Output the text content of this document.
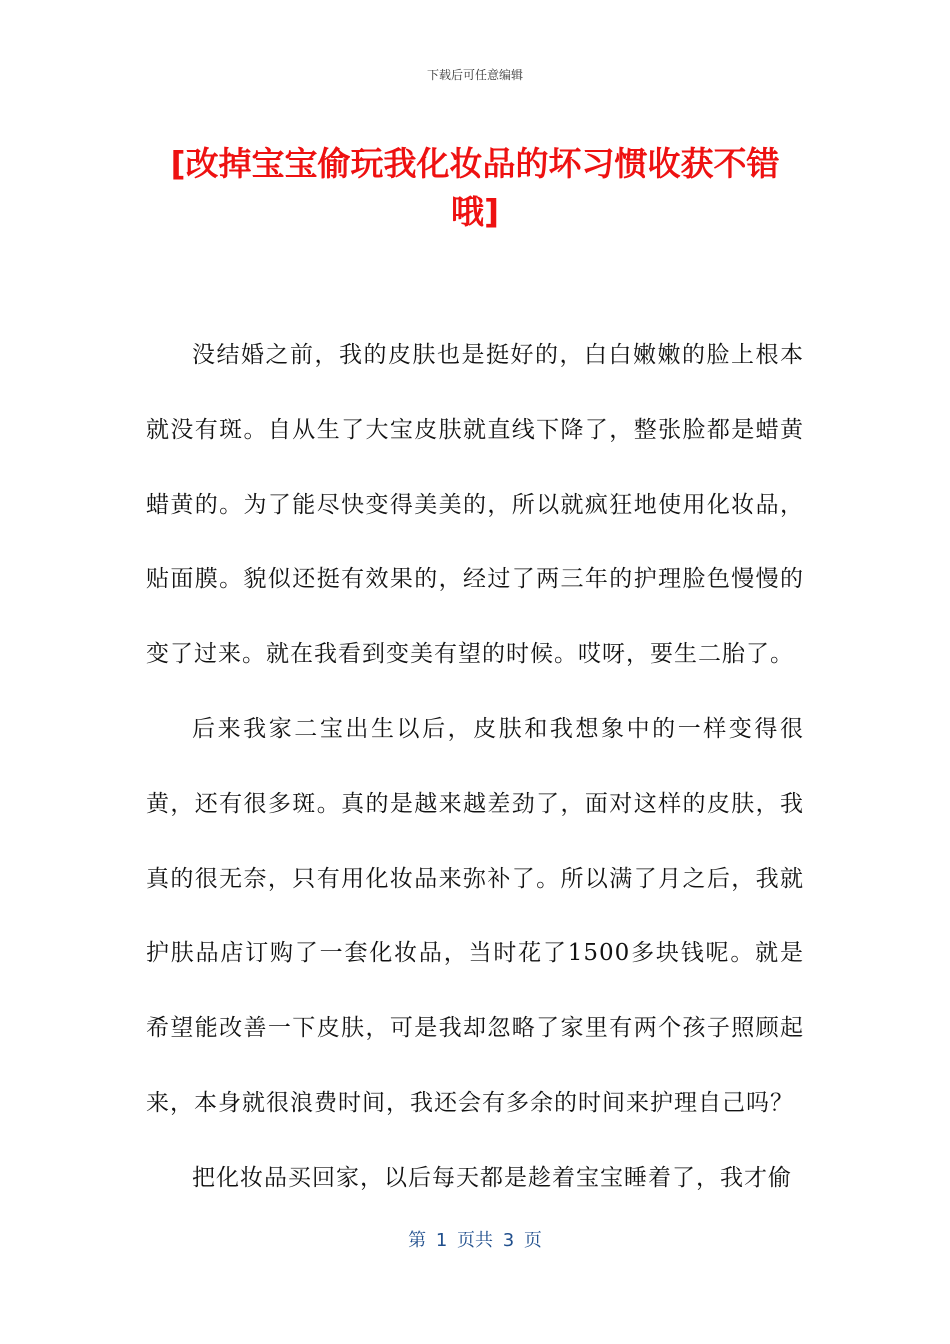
下载后可任意编辑
[改掉宝宝偷玩我化妆品的坏习惯收获不错哦]

没结婚之前，我的皮肤也是挺好的，白白嫩嫩的脸上根本就没有斑。自从生了大宝皮肤就直线下降了，整张脸都是蜡黄蜡黄的。为了能尽快变得美美的，所以就疯狂地使用化妆品，贴面膜。貌似还挺有效果的，经过了两三年的护理脸色慢慢的变了过来。就在我看到变美有望的时候。哎呀，要生二胎了。

后来我家二宝出生以后，皮肤和我想象中的一样变得很黄，还有很多斑。真的是越来越差劲了，面对这样的皮肤，我真的很无奈，只有用化妆品来弥补了。所以满了月之后，我就护肤品店订购了一套化妆品，当时花了1500多块钱呢。就是希望能改善一下皮肤，可是我却忽略了家里有两个孩子照顾起来，本身就很浪费时间，我还会有多余的时间来护理自己吗？

把化妆品买回家，以后每天都是趁着宝宝睡着了，我才偷

第 1 页共 3 页
